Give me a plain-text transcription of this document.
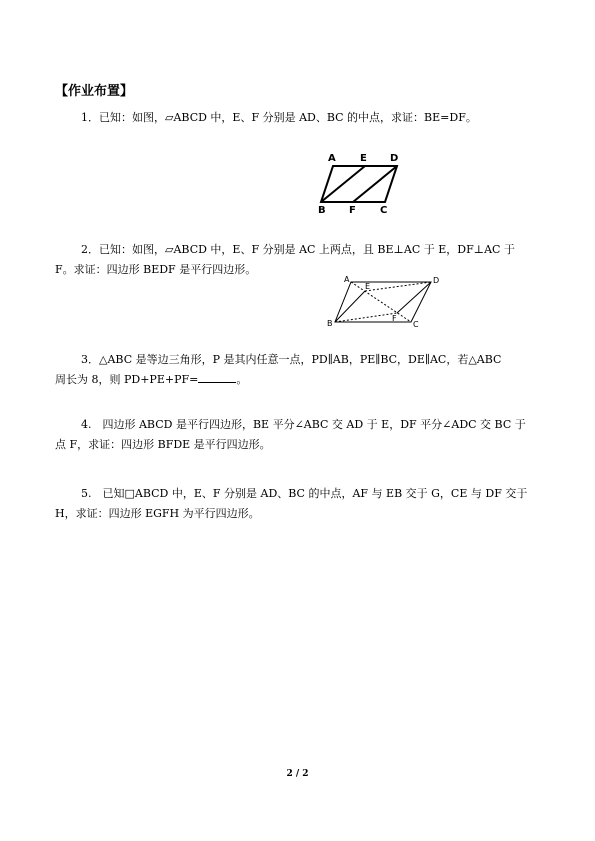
【作业布置】
1．已知：如图，▱ABCD 中，E、F 分别是 AD、BC 的中点，求证：BE=DF。
A E D
B F C
2．已知：如图，▱ABCD 中，E、F 分别是 AC 上两点，且 BE⊥AC 于 E，DF⊥AC 于
F。求证：四边形 BEDF 是平行四边形。
A	D
B	C
E
F
3．△ABC 是等边三角形，P 是其内任意一点，PD∥AB，PE∥BC，DE∥AC，若△ABC
周长为 8，则 PD+PE+PF=	。
4.　四边形 ABCD 是平行四边形，BE 平分∠ABC 交 AD 于 E，DF 平分∠ADC 交 BC 于
点 F，求证：四边形 BFDE 是平行四边形。
5.　已知□ABCD 中，E、F 分别是 AD、BC 的中点，AF 与 EB 交于 G，CE 与 DF 交于
H，求证：四边形 EGFH 为平行四边形。
2 / 2
